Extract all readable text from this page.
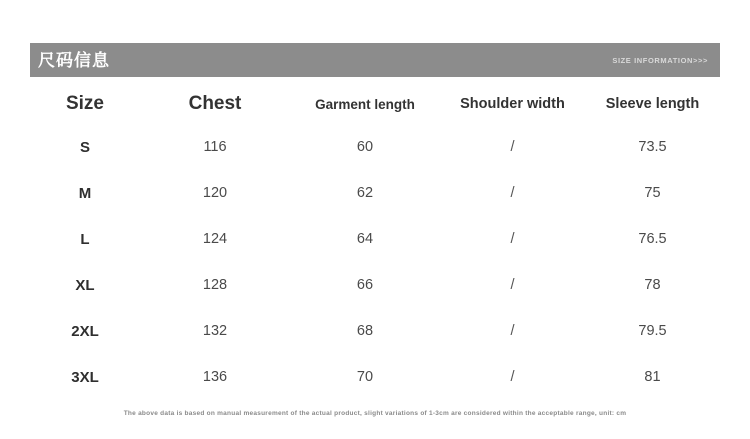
尺码信息	SIZE INFORMATION>>>
Size	Chest	Garment length	Shoulder width	Sleeve length
S	116	60	/	73.5
M	120	62	/	75
L	124	64	/	76.5
XL	128	66	/	78
2XL	132	68	/	79.5
3XL	136	70	/	81
The above data is based on manual measurement of the actual product, slight variations of 1-3cm are considered within the acceptable range, unit: cm
